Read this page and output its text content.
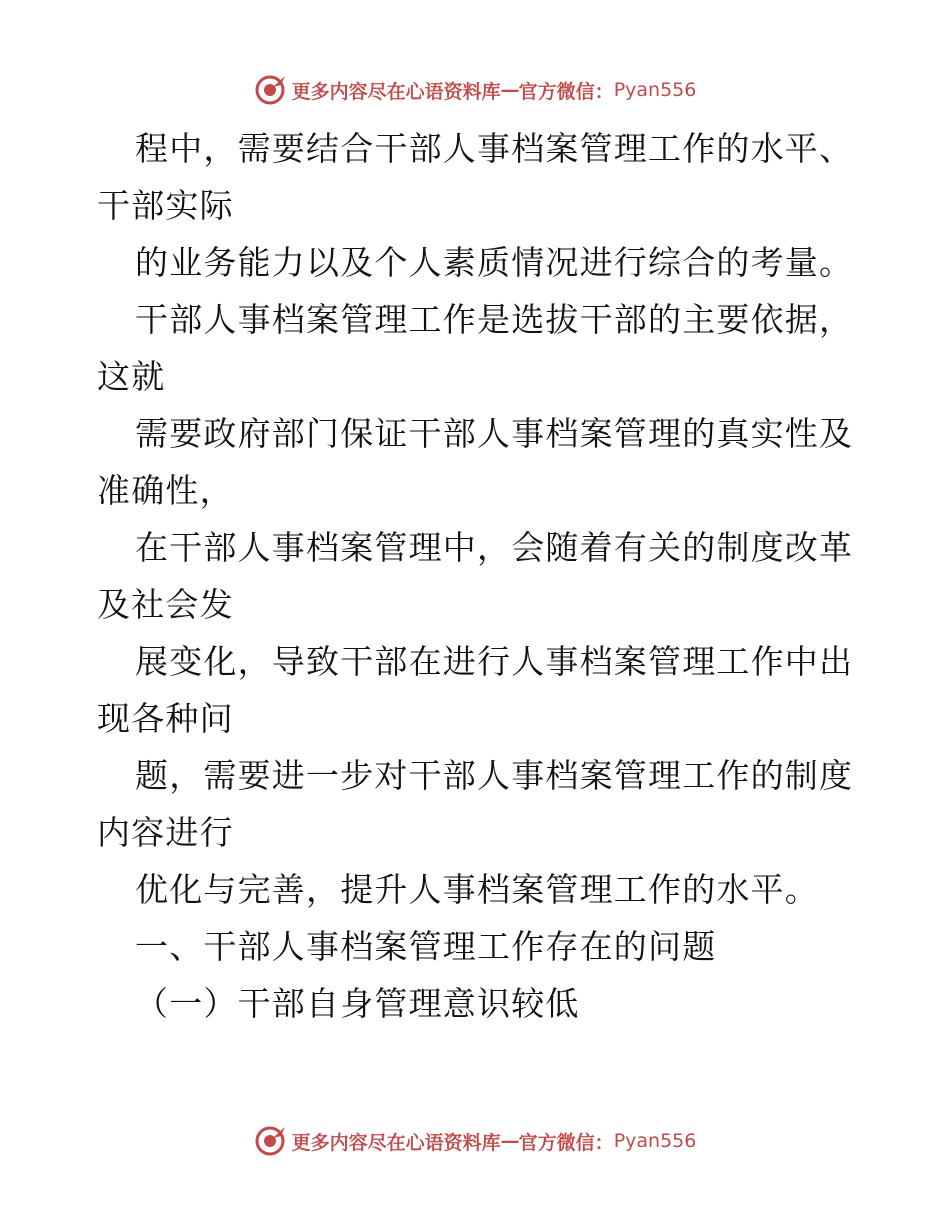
更多内容尽在心语资料库 — 官方微信： Pyan556

程中，需要结合干部人事档案管理工作的水平、干部实际

的业务能力以及个人素质情况进行综合的考量。

干部人事档案管理工作是选拔干部的主要依据，这就

需要政府部门保证干部人事档案管理的真实性及准确性，

在干部人事档案管理中，会随着有关的制度改革及社会发

展变化，导致干部在进行人事档案管理工作中出现各种问

题，需要进一步对干部人事档案管理工作的制度内容进行

优化与完善，提升人事档案管理工作的水平。

一、干部人事档案管理工作存在的问题

（一）干部自身管理意识较低

更多内容尽在心语资料库 — 官方微信： Pyan556
